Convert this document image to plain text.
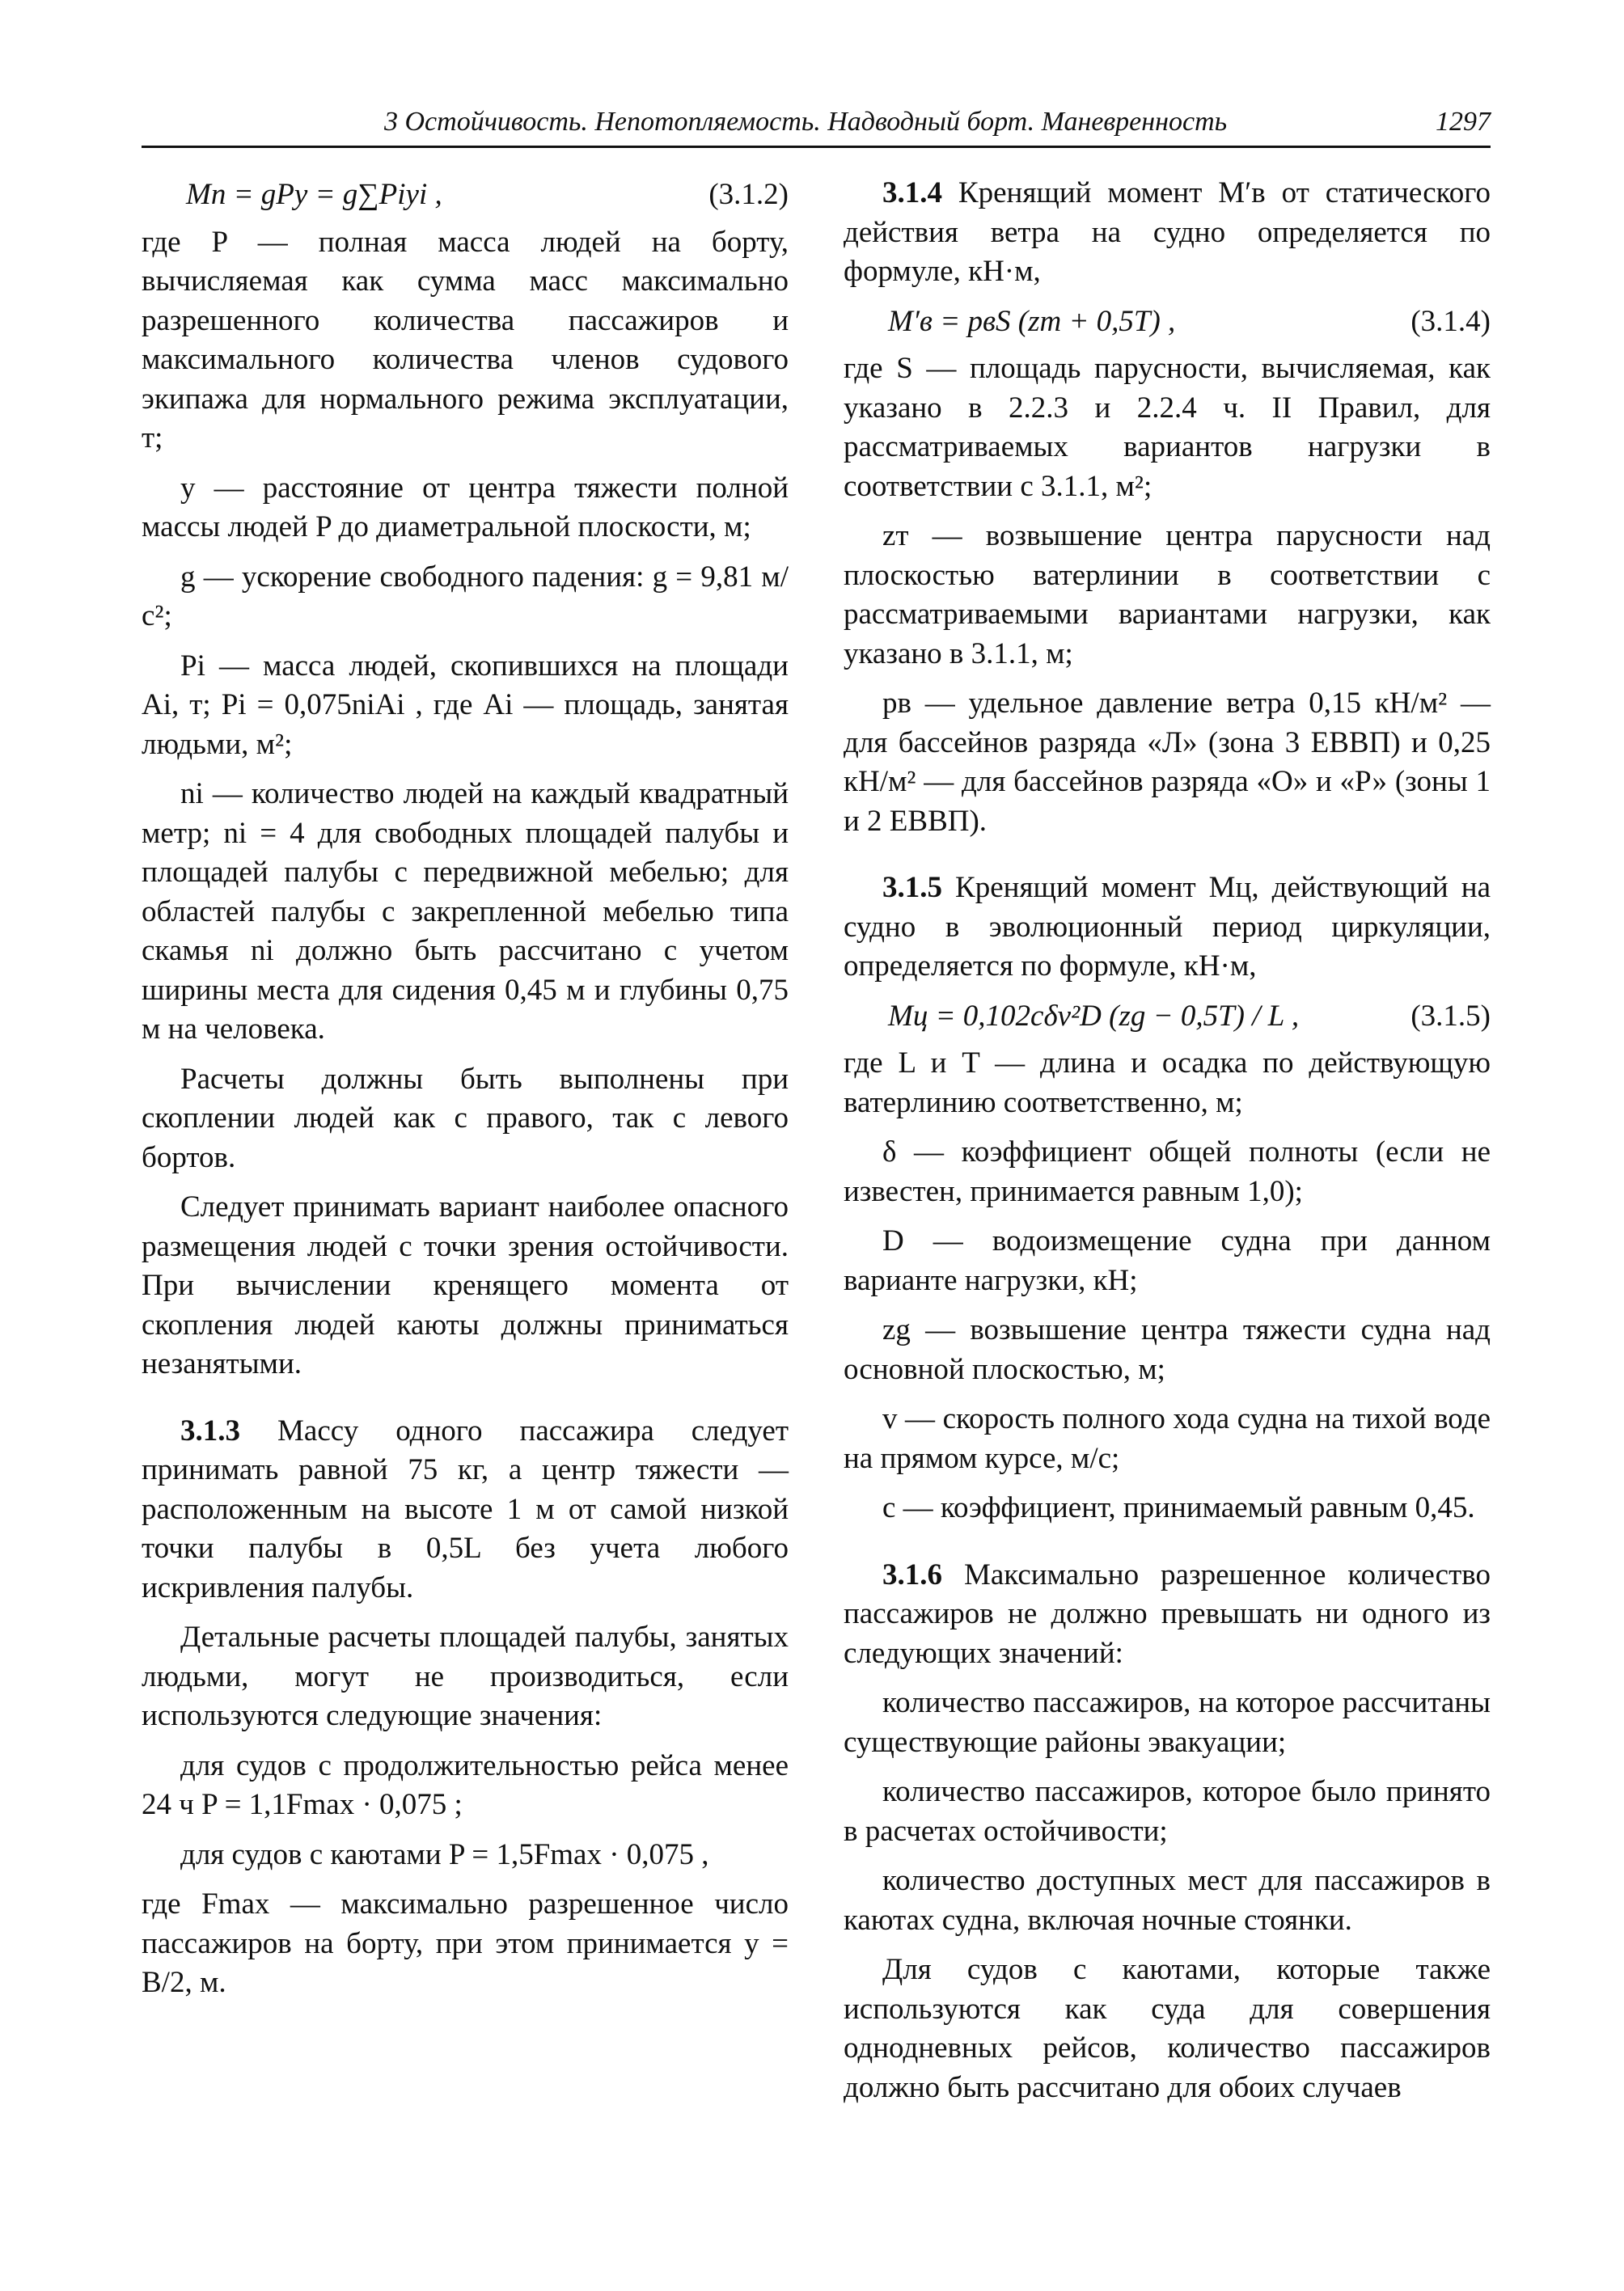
3 Остойчивость. Непотопляемость. Надводный борт. Маневренность	1297
Mп = gPy = g∑Piyi ,	(3.1.2)

где P — полная масса людей на борту, вычисляемая как сумма масс максимально разрешенного количества пассажиров и максимального количества членов судового экипажа для нормального режима эксплуатации, т;

y — расстояние от центра тяжести полной массы людей P до диаметральной плоскости, м;

g — ускорение свободного падения: g = 9,81 м/с²;

Pi — масса людей, скопившихся на площади Ai, т; Pi = 0,075niAi , где Ai — площадь, занятая людьми, м²;

ni — количество людей на каждый квадратный метр; ni = 4 для свободных площадей палубы и площадей палубы с передвижной мебелью; для областей палубы с закрепленной мебелью типа скамья ni должно быть рассчитано с учетом ширины места для сидения 0,45 м и глубины 0,75 м на человека.

Расчеты должны быть выполнены при скоплении людей как с правого, так с левого бортов.

Следует принимать вариант наиболее опасного размещения людей с точки зрения остойчивости. При вычислении кренящего момента от скопления людей каюты должны приниматься незанятыми.

3.1.3 Массу одного пассажира следует принимать равной 75 кг, а центр тяжести — расположенным на высоте 1 м от самой низкой точки палубы в 0,5L без учета любого искривления палубы.

Детальные расчеты площадей палубы, занятых людьми, могут не производиться, если используются следующие значения:

для судов с продолжительностью рейса менее 24 ч P = 1,1Fmax · 0,075 ;

для судов с каютами P = 1,5Fmax · 0,075 ,

где Fmax — максимально разрешенное число пассажиров на борту, при этом принимается y = B/2, м.

3.1.4 Кренящий момент M′в от статического действия ветра на судно определяется по формуле, кН·м,

M′в = pвS (zт + 0,5T) ,	(3.1.4)

где S — площадь парусности, вычисляемая, как указано в 2.2.3 и 2.2.4 ч. II Правил, для рассматриваемых вариантов нагрузки в соответствии с 3.1.1, м²;

zт — возвышение центра парусности над плоскостью ватерлинии в соответствии с рассматриваемыми вариантами нагрузки, как указано в 3.1.1, м;

pв — удельное давление ветра 0,15 кН/м² — для бассейнов разряда «Л» (зона 3 ЕВВП) и 0,25 кН/м² — для бассейнов разряда «О» и «Р» (зоны 1 и 2 ЕВВП).

3.1.5 Кренящий момент Mц, действующий на судно в эволюционный период циркуляции, определяется по формуле, кН·м,

Mц = 0,102cδv²D (zg − 0,5T) / L ,	(3.1.5)

где L и T — длина и осадка по действующую ватерлинию соответственно, м;

δ — коэффициент общей полноты (если не известен, принимается равным 1,0);

D — водоизмещение судна при данном варианте нагрузки, кН;

zg — возвышение центра тяжести судна над основной плоскостью, м;

v — скорость полного хода судна на тихой воде на прямом курсе, м/с;

c — коэффициент, принимаемый равным 0,45.

3.1.6 Максимально разрешенное количество пассажиров не должно превышать ни одного из следующих значений:

количество пассажиров, на которое рассчитаны существующие районы эвакуации;

количество пассажиров, которое было принято в расчетах остойчивости;

количество доступных мест для пассажиров в каютах судна, включая ночные стоянки.

Для судов с каютами, которые также используются как суда для совершения однодневных рейсов, количество пассажиров должно быть рассчитано для обоих случаев
